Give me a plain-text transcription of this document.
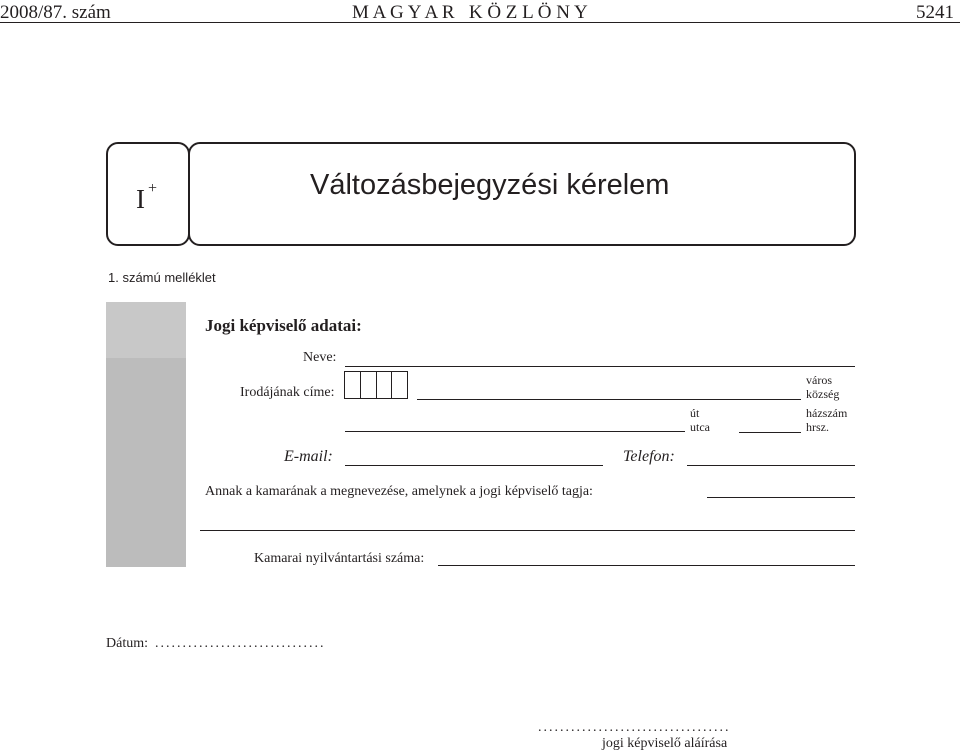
2008/87. szám	M A G Y A R   K Ö Z L Ö N Y	5241
I +	Változásbejegyzési kérelem
1. számú melléklet
Jogi képviselő adatai:
Neve:
Irodájának címe:
város
község
út
utca
házszám
hrsz.
E-mail:	Telefon:
Annak a kamarának a megnevezése, amelynek a jogi képviselő tagja:
Kamarai nyilvántartási száma:
Dátum: ...............................
...................................
jogi képviselő aláírása
